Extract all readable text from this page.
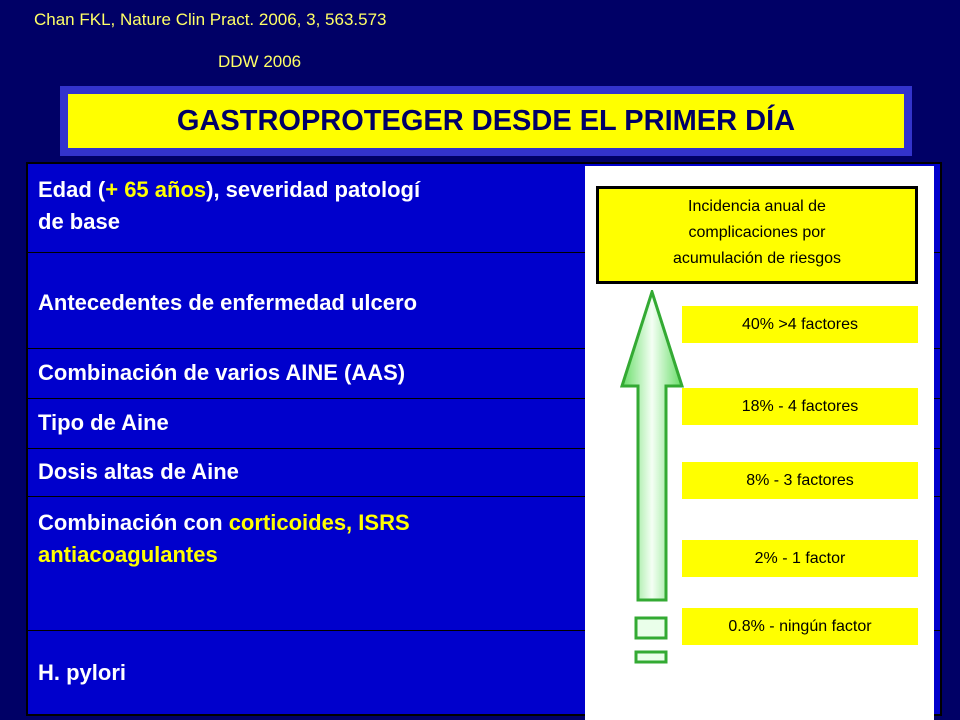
Chan FKL, Nature Clin Pract. 2006, 3, 563.573
DDW 2006
GASTROPROTEGER DESDE EL PRIMER DÍA
Edad (+ 65 años), severidad patologí
de base
Antecedentes de enfermedad ulcero
Combinación de varios AINE (AAS)
Tipo de Aine
Dosis altas de Aine
Combinación con corticoides, ISRS
antiacoagulantes
H. pylori
Incidencia anual de
complicaciones por
acumulación de riesgos
40% >4 factores
18% - 4 factores
8% - 3 factores
2% - 1 factor
0.8% - ningún factor
